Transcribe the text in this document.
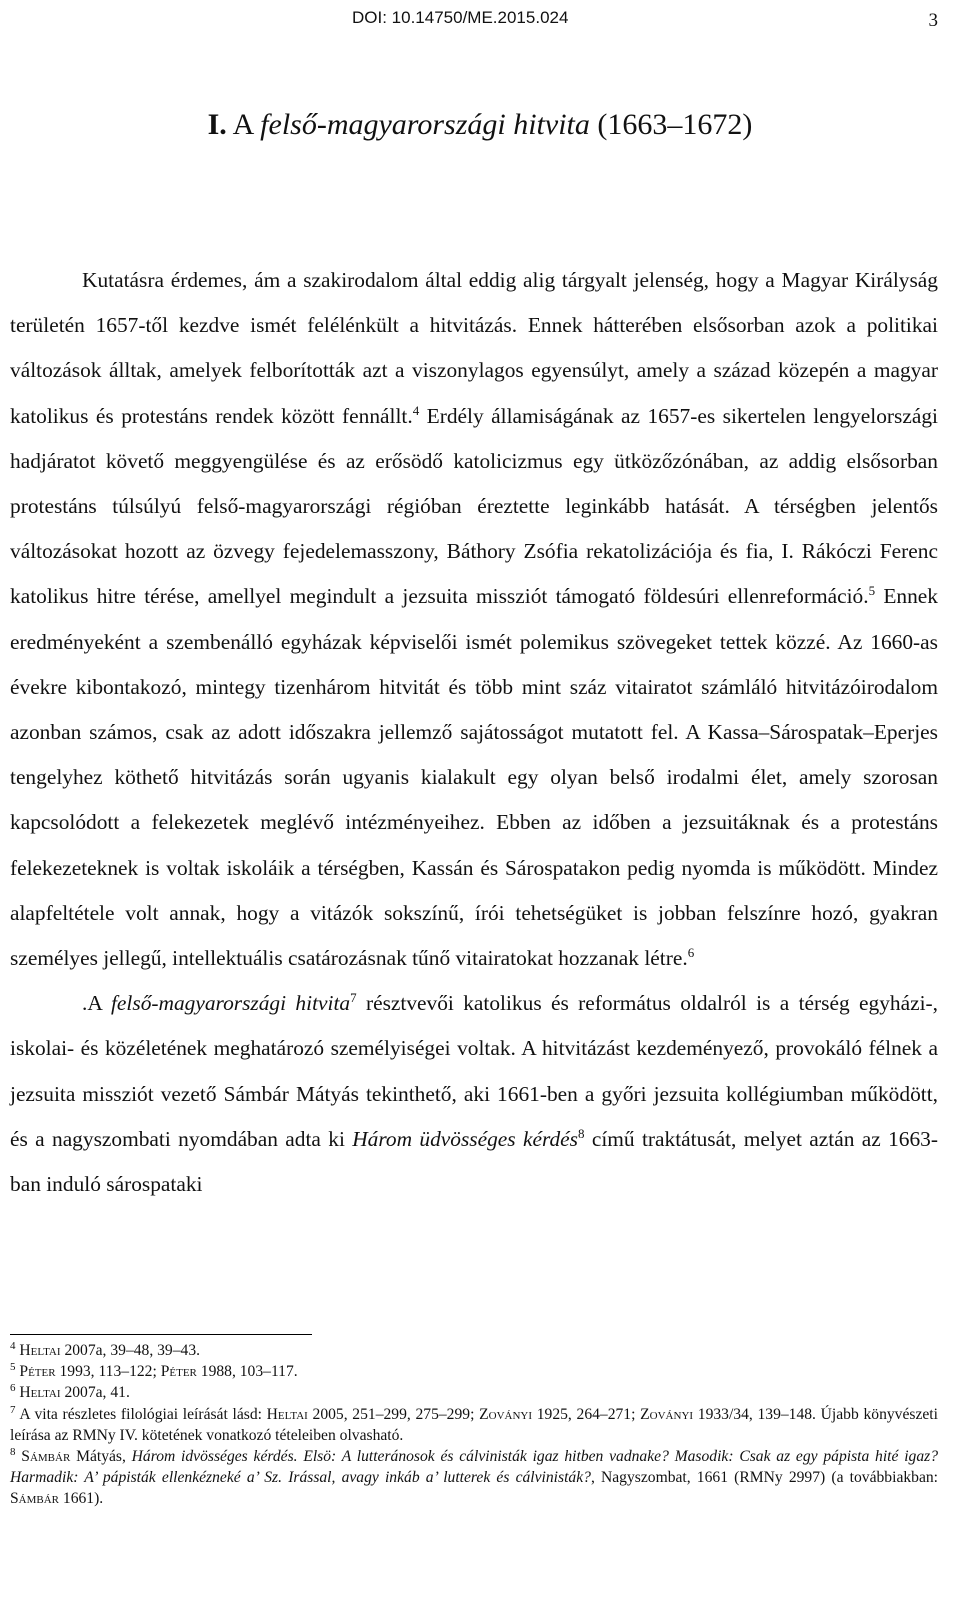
DOI: 10.14750/ME.2015.024	3
I. A felső-magyarországi hitvita (1663–1672)

Kutatásra érdemes, ám a szakirodalom által eddig alig tárgyalt jelenség, hogy a Magyar Királyság területén 1657-től kezdve ismét felélénkült a hitvitázás. Ennek hátterében elsősorban azok a politikai változások álltak, amelyek felborították azt a viszonylagos egyensúlyt, amely a század közepén a magyar katolikus és protestáns rendek között fennállt.$^4$ Erdély államiságának az 1657-es sikertelen lengyelországi hadjáratot követő meggyengülése és az erősödő katolicizmus egy ütközőzónában, az addig elsősorban protestáns túlsúlyú felső-magyarországi régióban éreztette leginkább hatását. A térségben jelentős változásokat hozott az özvegy fejedelemasszony, Báthory Zsófia rekatolizációja és fia, I. Rákóczi Ferenc katolikus hitre térése, amellyel megindult a jezsuita missziót támogató földesúri ellenreformáció.$^5$ Ennek eredményeként a szembenálló egyházak képviselői ismét polemikus szövegeket tettek közzé. Az 1660-as évekre kibontakozó, mintegy tizenhárom hitvitát és több mint száz vitairatot számláló hitvitázóirodalom azonban számos, csak az adott időszakra jellemző sajátosságot mutatott fel. A Kassa–Sárospatak–Eperjes tengelyhez köthető hitvitázás során ugyanis kialakult egy olyan belső irodalmi élet, amely szorosan kapcsolódott a felekezetek meglévő intézményeihez. Ebben az időben a jezsuitáknak és a protestáns felekezeteknek is voltak iskoláik a térségben, Kassán és Sárospatakon pedig nyomda is működött. Mindez alapfeltétele volt annak, hogy a vitázók sokszínű, írói tehetségüket is jobban felszínre hozó, gyakran személyes jellegű, intellektuális csatározásnak tűnő vitairatokat hozzanak létre.$^6$

.A felső-magyarországi hitvita$^7$ résztvevői katolikus és református oldalról is a térség egyházi-, iskolai- és közéletének meghatározó személyiségei voltak. A hitvitázást kezdeményező, provokáló félnek a jezsuita missziót vezető Sámbár Mátyás tekinthető, aki 1661-ben a győri jezsuita kollégiumban működött, és a nagyszombati nyomdában adta ki Három üdvösséges kérdés$^8$ című traktátusát, melyet aztán az 1663-ban induló sárospataki

$^4$ Heltai 2007a, 39–48, 39–43.

$^5$ Péter 1993, 113–122; Péter 1988, 103–117.

$^6$ Heltai 2007a, 41.

$^7$ A vita részletes filológiai leírását lásd: Heltai 2005, 251–299, 275–299; Zoványi 1925, 264–271; Zoványi 1933/34, 139–148. Újabb könyvészeti leírása az RMNy IV. kötetének vonatkozó tételeiben olvasható.

$^8$ Sámbár Mátyás, Három idvösséges kérdés. Elsö: A lutteránosok és cálvinisták igaz hitben vadnake? Masodik: Csak az egy pápista hité igaz? Harmadik: A’ pápisták ellenkézneké a’ Sz. Irással, avagy inkáb a’ lutterek és cálvinisták?, Nagyszombat, 1661 (RMNy 2997) (a továbbiakban: Sámbár 1661).
